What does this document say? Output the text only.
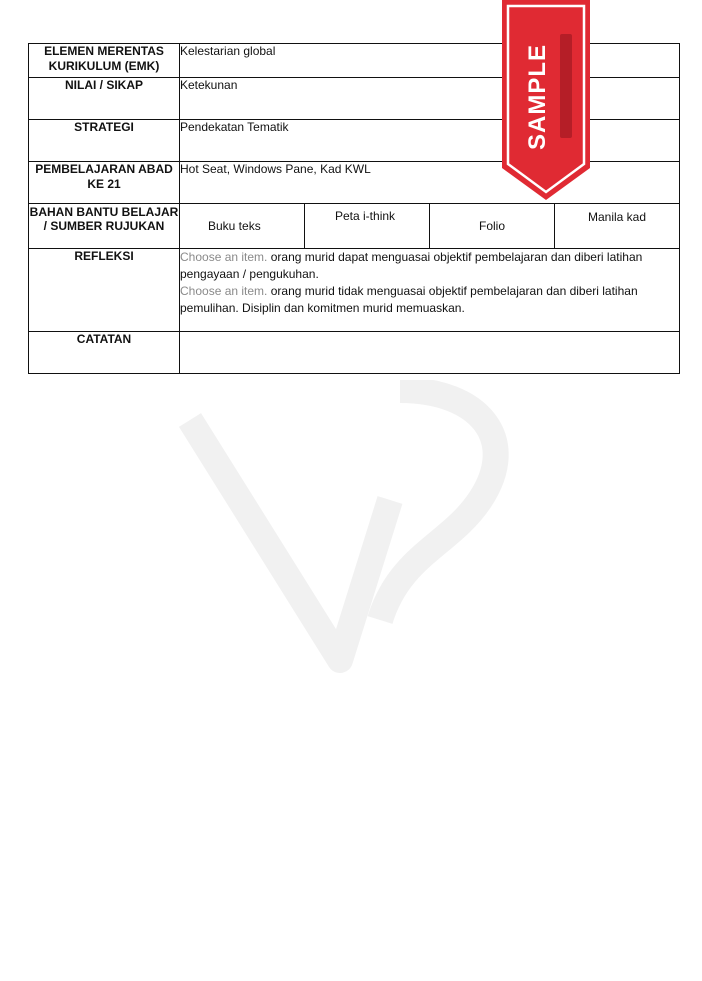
ELEMEN MERENTAS KURIKULUM (EMK)	Kelestarian global			
NILAI / SIKAP	Ketekunan			
STRATEGI	Pendekatan Tematik			
PEMBELAJARAN ABAD KE 21	Hot Seat, Windows Pane, Kad KWL			
BAHAN BANTU BELAJAR / SUMBER RUJUKAN	Buku teks	Peta i-think	Folio	Manila kad
REFLEKSI	Choose an item. orang murid dapat menguasai objektif pembelajaran dan diberi latihan pengayaan / pengukuhan.
Choose an item. orang murid tidak menguasai objektif pembelajaran dan diberi latihan pemulihan. Disiplin dan komitmen murid memuaskan.			

CATATAN				
SAMPLE
